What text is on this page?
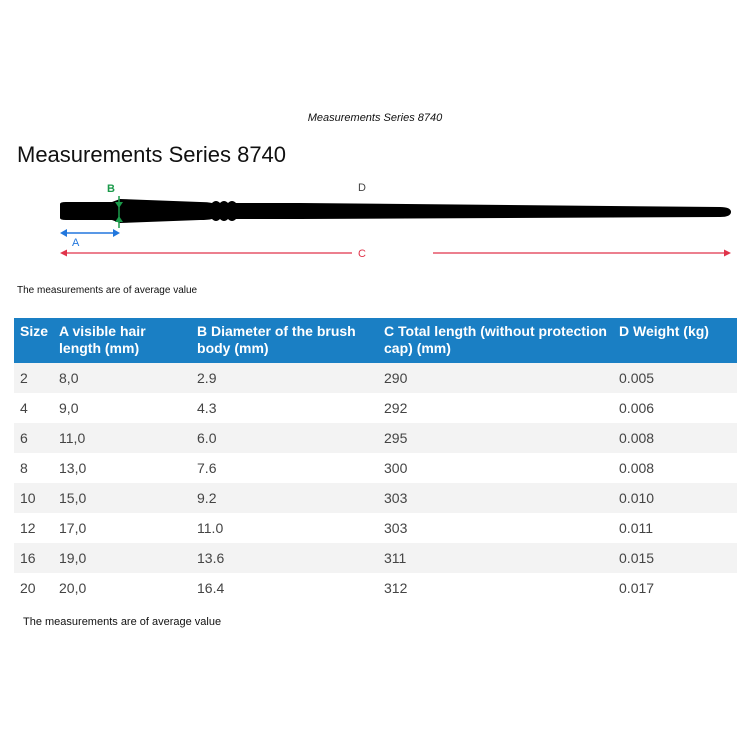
Measurements Series 8740
Measurements Series 8740
B
A
C
D
The measurements are of average value
Size	A visible hair length (mm)	B Diameter of the brush body (mm)	C Total length (without protection cap) (mm)	D Weight (kg)
2	8,0	2.9	290	0.005
4	9,0	4.3	292	0.006
6	11,0	6.0	295	0.008
8	13,0	7.6	300	0.008
10	15,0	9.2	303	0.010
12	17,0	11.0	303	0.011
16	19,0	13.6	311	0.015
20	20,0	16.4	312	0.017
The measurements are of average value
